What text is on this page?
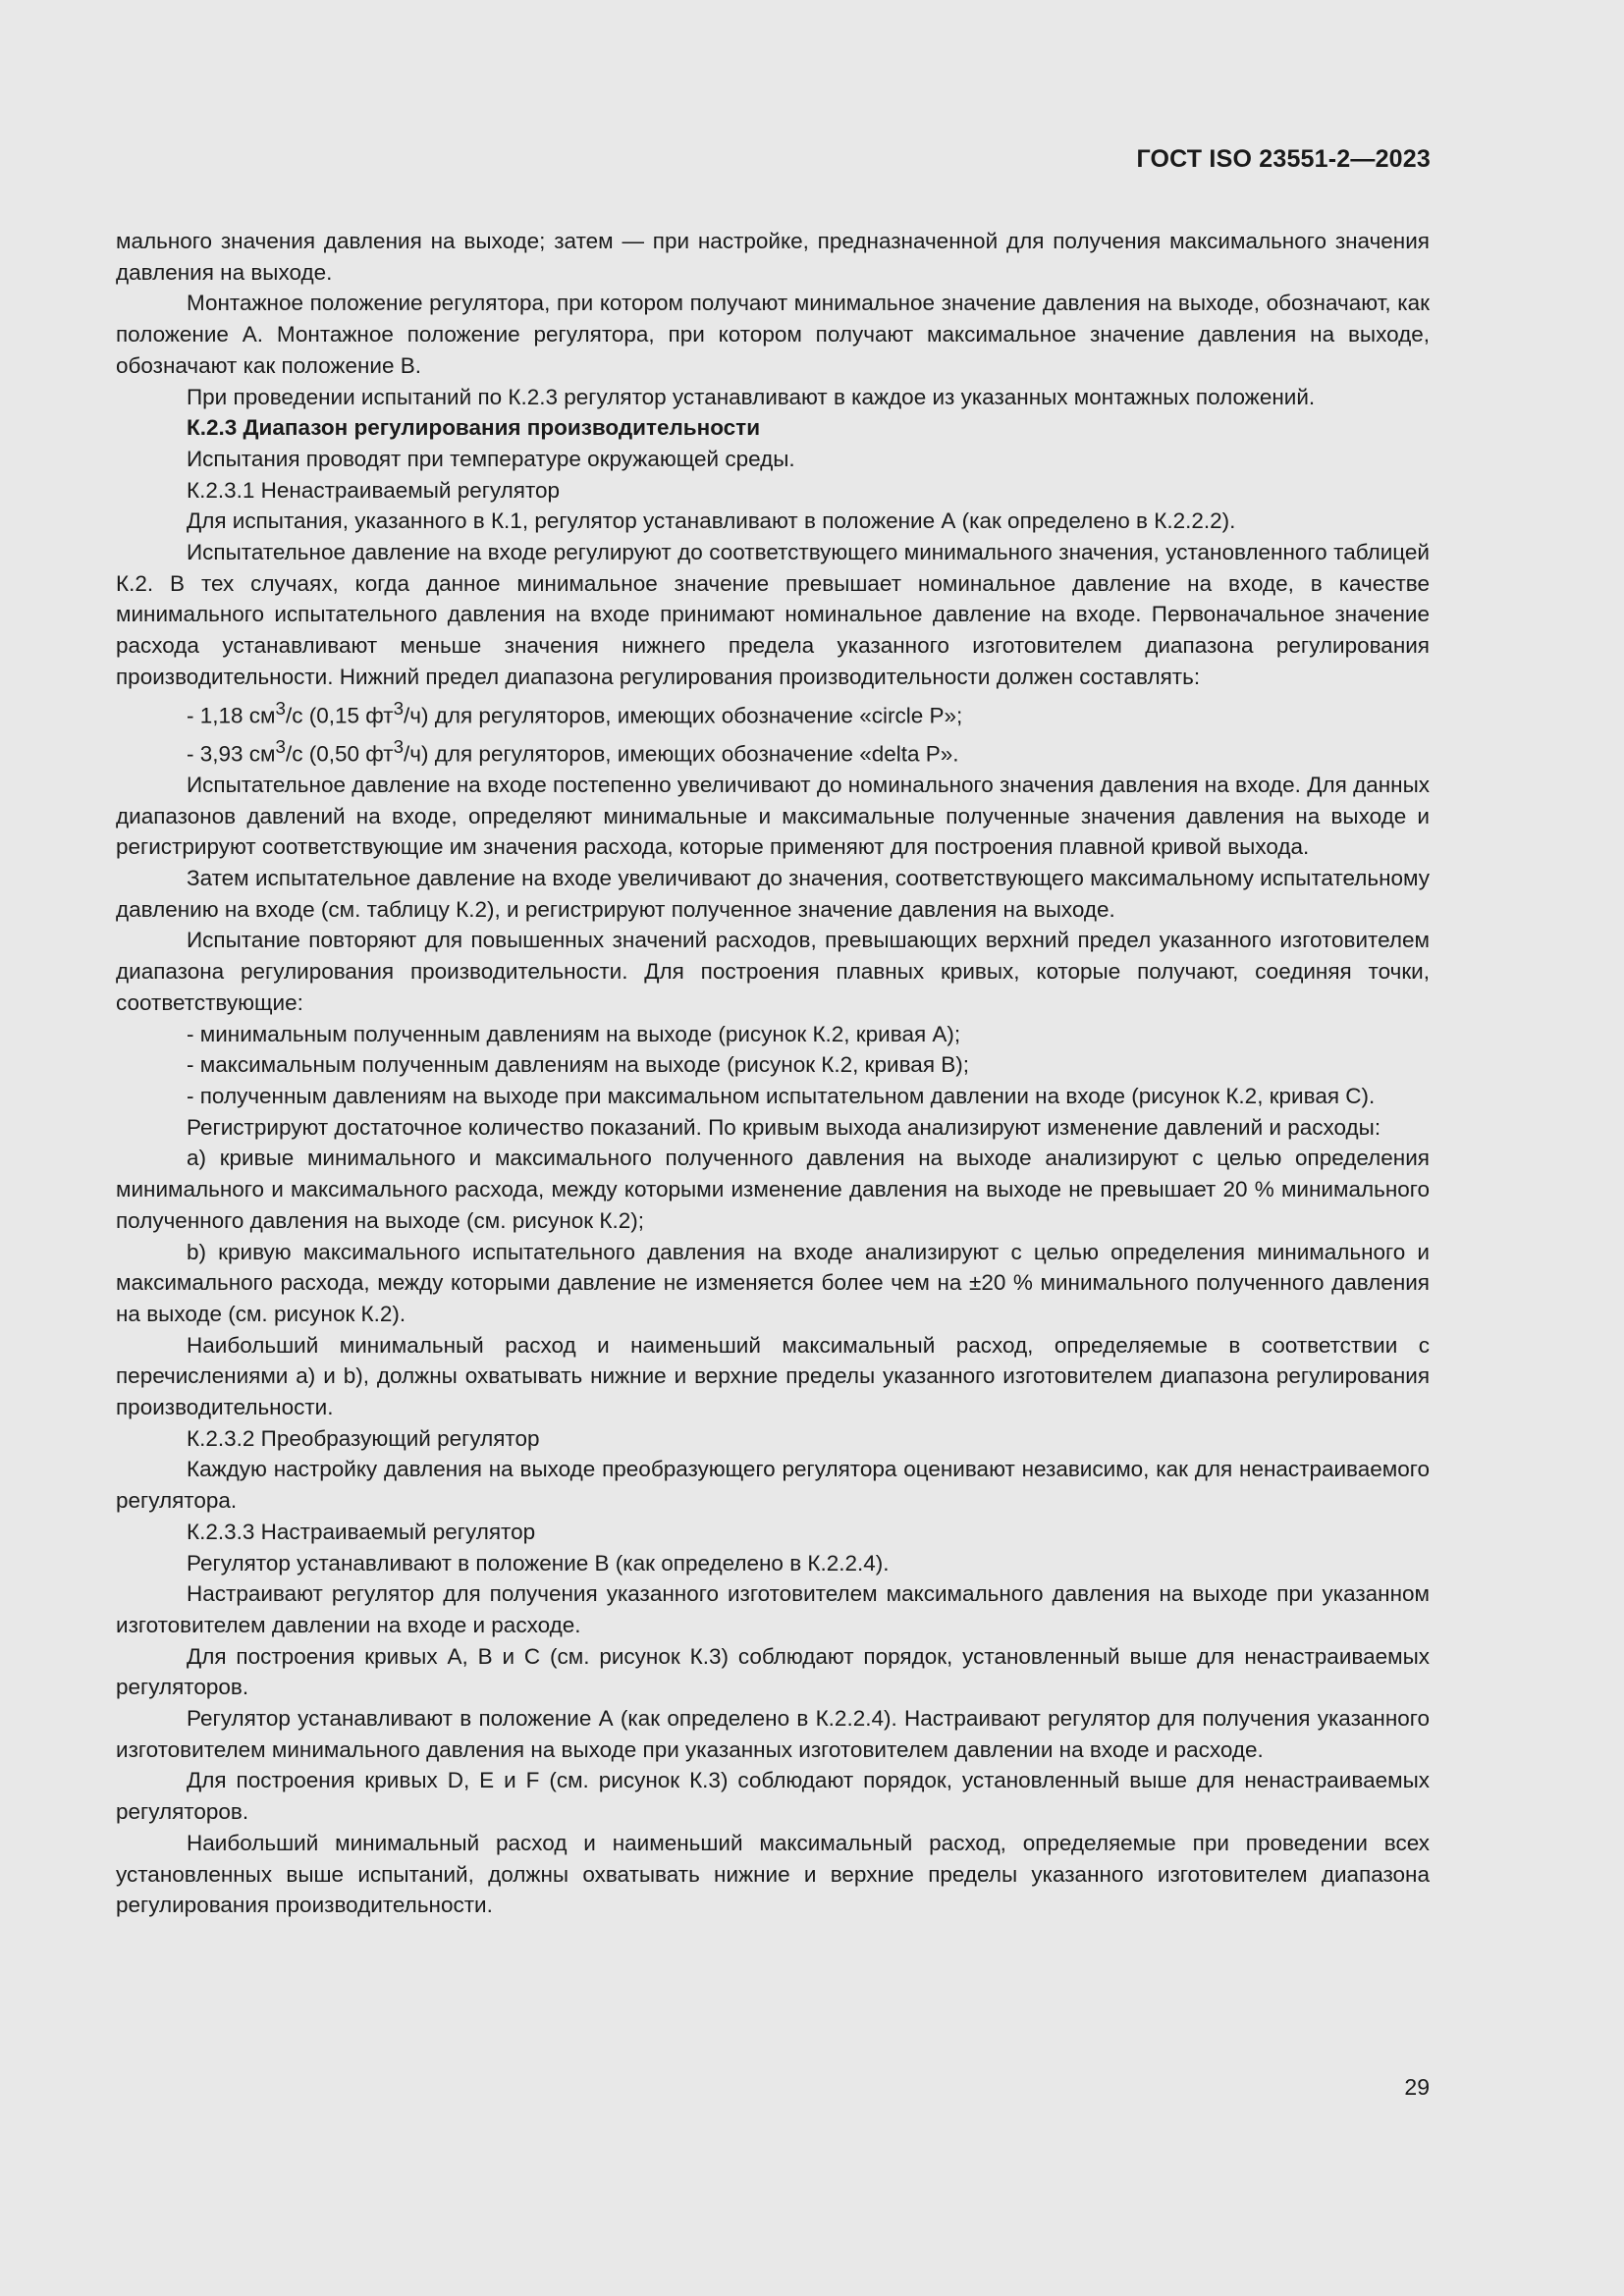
ГОСТ ISO 23551-2—2023

мального значения давления на выходе; затем — при настройке, предназначенной для получения максимального значения давления на выходе.

Монтажное положение регулятора, при котором получают минимальное значение давления на выходе, обозначают, как положение А. Монтажное положение регулятора, при котором получают максимальное значение давления на выходе, обозначают как положение В.

При проведении испытаний по К.2.3 регулятор устанавливают в каждое из указанных монтажных положений.

К.2.3 Диапазон регулирования производительности

Испытания проводят при температуре окружающей среды.

К.2.3.1 Ненастраиваемый регулятор

Для испытания, указанного в К.1, регулятор устанавливают в положение А (как определено в К.2.2.2).

Испытательное давление на входе регулируют до соответствующего минимального значения, установленного таблицей К.2. В тех случаях, когда данное минимальное значение превышает номинальное давление на входе, в качестве минимального испытательного давления на входе принимают номинальное давление на входе. Первоначальное значение расхода устанавливают меньше значения нижнего предела указанного изготовителем диапазона регулирования производительности. Нижний предел диапазона регулирования производительности должен составлять:

- 1,18 $см^3/с$ (0,15 $фт^3/ч$) для регуляторов, имеющих обозначение «circle P»;

- 3,93 $см^3/с$ (0,50 $фт^3/ч$) для регуляторов, имеющих обозначение «delta P».

Испытательное давление на входе постепенно увеличивают до номинального значения давления на входе. Для данных диапазонов давлений на входе, определяют минимальные и максимальные полученные значения давления на выходе и регистрируют соответствующие им значения расхода, которые применяют для построения плавной кривой выхода.

Затем испытательное давление на входе увеличивают до значения, соответствующего максимальному испытательному давлению на входе (см. таблицу К.2), и регистрируют полученное значение давления на выходе.

Испытание повторяют для повышенных значений расходов, превышающих верхний предел указанного изготовителем диапазона регулирования производительности. Для построения плавных кривых, которые получают, соединяя точки, соответствующие:

- минимальным полученным давлениям на выходе (рисунок К.2, кривая А);

- максимальным полученным давлениям на выходе (рисунок К.2, кривая В);

- полученным давлениям на выходе при максимальном испытательном давлении на входе (рисунок К.2, кривая С).

Регистрируют достаточное количество показаний. По кривым выхода анализируют изменение давлений и расходы:

a) кривые минимального и максимального полученного давления на выходе анализируют с целью определения минимального и максимального расхода, между которыми изменение давления на выходе не превышает 20 % минимального полученного давления на выходе (см. рисунок К.2);

b) кривую максимального испытательного давления на входе анализируют с целью определения минимального и максимального расхода, между которыми давление не изменяется более чем на ±20 % минимального полученного давления на выходе (см. рисунок К.2).

Наибольший минимальный расход и наименьший максимальный расход, определяемые в соответствии с перечислениями а) и b), должны охватывать нижние и верхние пределы указанного изготовителем диапазона регулирования производительности.

К.2.3.2 Преобразующий регулятор

Каждую настройку давления на выходе преобразующего регулятора оценивают независимо, как для ненастраиваемого регулятора.

К.2.3.3 Настраиваемый регулятор

Регулятор устанавливают в положение В (как определено в К.2.2.4).

Настраивают регулятор для получения указанного изготовителем максимального давления на выходе при указанном изготовителем давлении на входе и расходе.

Для построения кривых А, В и С (см. рисунок К.3) соблюдают порядок, установленный выше для ненастраиваемых регуляторов.

Регулятор устанавливают в положение А (как определено в К.2.2.4). Настраивают регулятор для получения указанного изготовителем минимального давления на выходе при указанных изготовителем давлении на входе и расходе.

Для построения кривых D, Е и F (см. рисунок К.3) соблюдают порядок, установленный выше для ненастраиваемых регуляторов.

Наибольший минимальный расход и наименьший максимальный расход, определяемые при проведении всех установленных выше испытаний, должны охватывать нижние и верхние пределы указанного изготовителем диапазона регулирования производительности.

29
